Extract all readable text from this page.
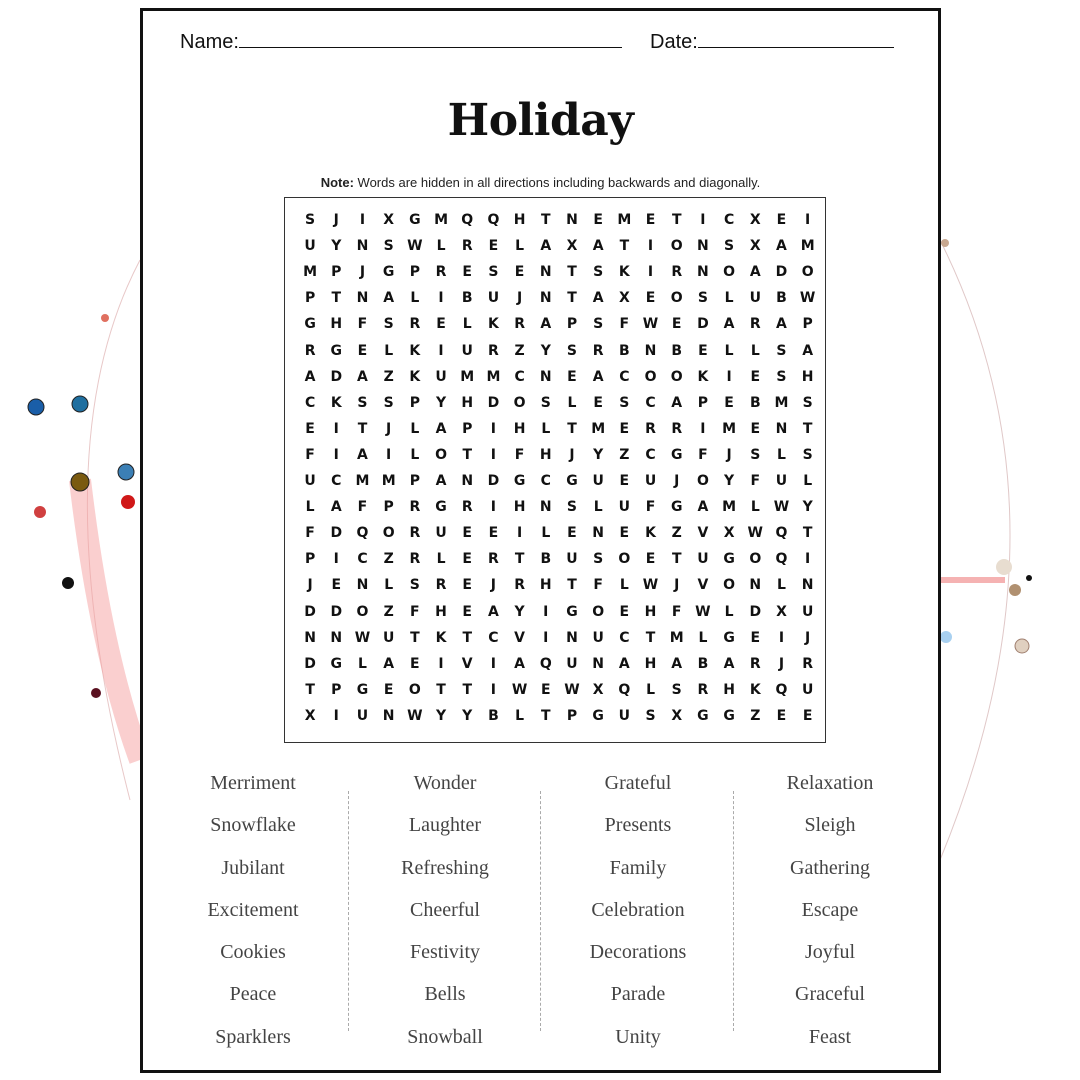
Name:	Date:
Holiday
Note: Words are hidden in all directions including backwards and diagonally.
S	J	I	X	G M Q	Q	H	T	N	E	M	E	T	I	C	X	E	I
U	Y	N	S W	L	R	E	L	A	X	A	T	I	O	N	S	X	A M
M	P	J	G	P	R	E	S	E	N	T	S	K	I	R	N	O	A	D	O
P	T	N	A	L	I	B	U	J	N	T	A	X	E	O	S	L	U	B W
G	H	F	S	R	E	L	K	R	A	P	S	F W E	D	A	R	A	P
R	G	E	L	K	I	U	R	Z	Y	S	R	B	N	B	E	L	L	S	A
A	D	A	Z	K	U M M	C	N	E	A	C	O	O	K	I	E	S	H
C	K	S	S	P	Y	H	D	O	S	L	E	S	C	A	P	E	B M	S
E	I	T	J	L	A	P	I	H	L	T	M	E	R	R	I	M	E	N	T
F	I	A	I	L	O	T	I	F	H	J	Y	Z	C	G	F	J	S	L	S
U	C	M M	P	A	N	D	G	C	G	U	E	U	J	O	Y	F	U	L
L	A	F	P	R	G	R	I	H	N	S	L	U	F	G	A M	L	W Y
F	D	Q	O	R	U	E	E	I	L	E	N	E	K	Z	V	X W Q	T
P	I	C	Z	R	L	E	R	T	B	U	S	O	E	T	U	G	O	Q	I
J	E	N	L	S	R	E	J	R	H	T	F	L	W	J	V	O	N	L	N
D	D	O	Z	F	H	E	A	Y	I	G	O	E	H	F W	L	D	X	U
N	N W U	T	K	T	C	V	I	N	U	C	T	M	L	G	E	I	J
D	G	L	A	E	I	V	I	A	Q	U	N	A	H	A	B	A	R	J	R
T	P	G	E	O	T	T	I	W E W X	Q	L	S	R	H	K	Q	U
X	I	U	N W Y	Y	B	L	T	P	G	U	S	X	G	G	Z	E	E
Merriment
Snowflake
Jubilant
Excitement
Cookies
Peace
Sparklers
Wonder
Laughter
Refreshing
Cheerful
Festivity
Bells
Snowball
Grateful
Presents
Family
Celebration
Decorations
Parade
Unity
Relaxation
Sleigh
Gathering
Escape
Joyful
Graceful
Feast
